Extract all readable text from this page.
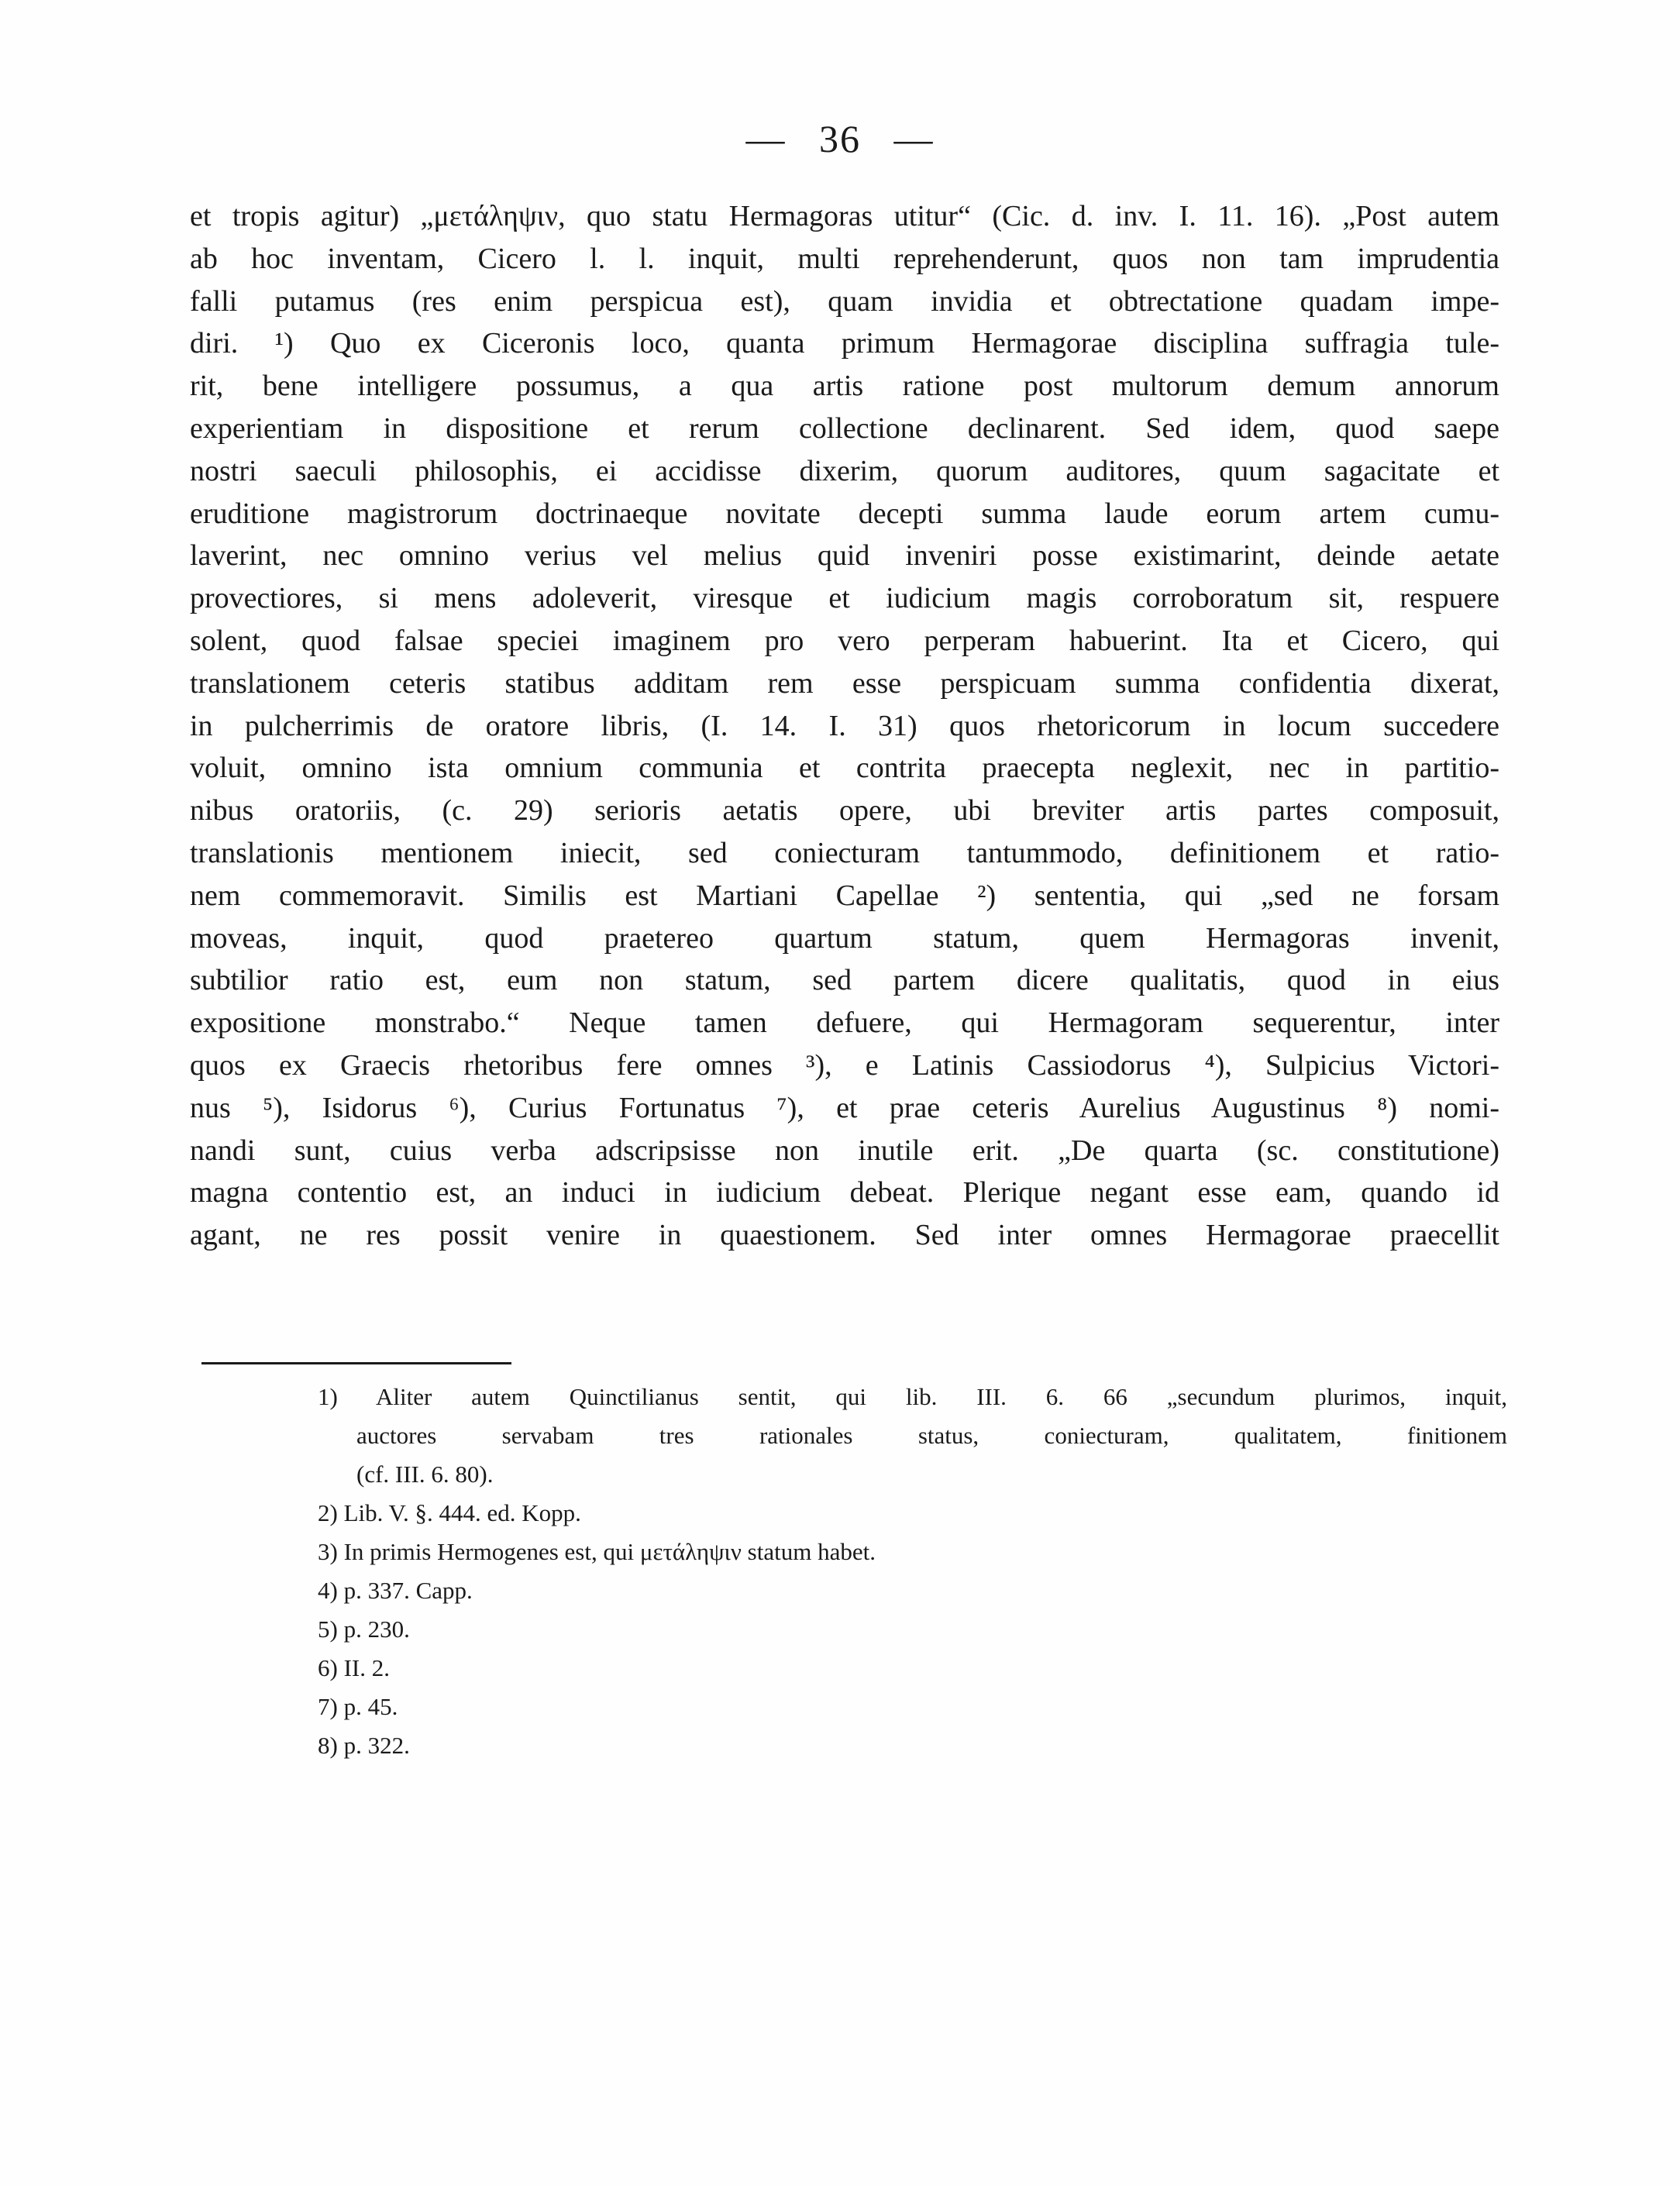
— 36 —
et tropis agitur) „μετάληψιν, quo statu Hermagoras utitur“ (Cic. d. inv. I. 11. 16). „Post autem
ab hoc inventam, Cicero l. l. inquit, multi reprehenderunt, quos non tam imprudentia
falli putamus (res enim perspicua est), quam invidia et obtrectatione quadam impe-
diri. ¹) Quo ex Ciceronis loco, quanta primum Hermagorae disciplina suffragia tule-
rit, bene intelligere possumus, a qua artis ratione post multorum demum annorum
experientiam in dispositione et rerum collectione declinarent. Sed idem, quod saepe
nostri saeculi philosophis, ei accidisse dixerim, quorum auditores, quum sagacitate et
eruditione magistrorum doctrinaeque novitate decepti summa laude eorum artem cumu-
laverint, nec omnino verius vel melius quid inveniri posse existimarint, deinde aetate
provectiores, si mens adoleverit, viresque et iudicium magis corroboratum sit, respuere
solent, quod falsae speciei imaginem pro vero perperam habuerint. Ita et Cicero, qui
translationem ceteris statibus additam rem esse perspicuam summa confidentia dixerat,
in pulcherrimis de oratore libris, (I. 14. I. 31) quos rhetoricorum in locum succedere
voluit, omnino ista omnium communia et contrita praecepta neglexit, nec in partitio-
nibus oratoriis, (c. 29) serioris aetatis opere, ubi breviter artis partes composuit,
translationis mentionem iniecit, sed coniecturam tantummodo, definitionem et ratio-
nem commemoravit. Similis est Martiani Capellae ²) sententia, qui „sed ne forsam
moveas, inquit, quod praetereo quartum statum, quem Hermagoras invenit,
subtilior ratio est, eum non statum, sed partem dicere qualitatis, quod in eius
expositione monstrabo.“ Neque tamen defuere, qui Hermagoram sequerentur, inter
quos ex Graecis rhetoribus fere omnes ³), e Latinis Cassiodorus ⁴), Sulpicius Victori-
nus ⁵), Isidorus ⁶), Curius Fortunatus ⁷), et prae ceteris Aurelius Augustinus ⁸) nomi-
nandi sunt, cuius verba adscripsisse non inutile erit. „De quarta (sc. constitutione)
magna contentio est, an induci in iudicium debeat. Plerique negant esse eam, quando id
agant, ne res possit venire in quaestionem. Sed inter omnes Hermagorae praecellit
1) Aliter autem Quinctilianus sentit, qui lib. III. 6. 66 „secundum plurimos, inquit,
auctores servabam tres rationales status, coniecturam, qualitatem, finitionem
(cf. III. 6. 80).
2) Lib. V. §. 444. ed. Kopp.
3) In primis Hermogenes est, qui μετάληψιν statum habet.
4) p. 337. Capp.
5) p. 230.
6) II. 2.
7) p. 45.
8) p. 322.
